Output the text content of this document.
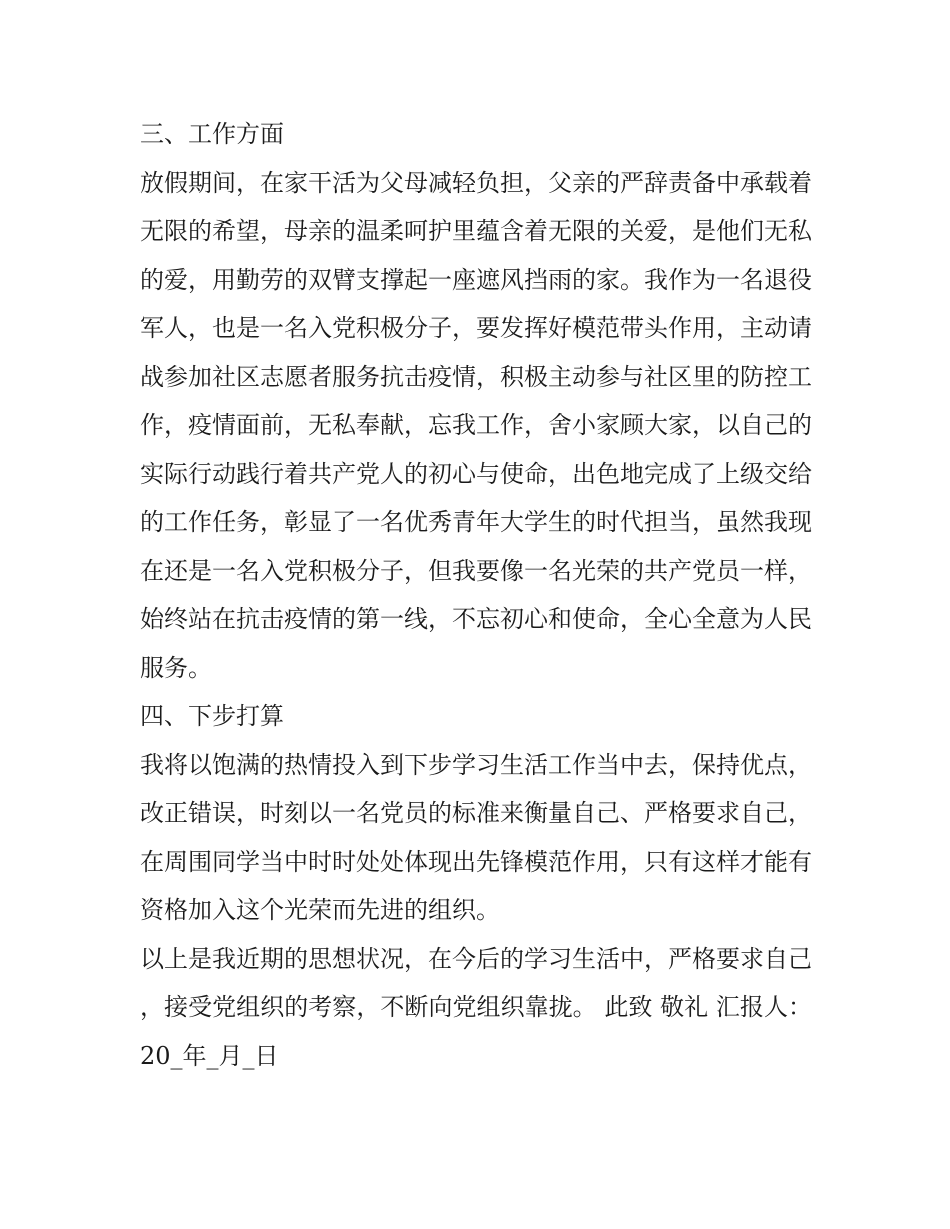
三、工作方面

放假期间，在家干活为父母减轻负担，父亲的严辞责备中承载着无限的希望，母亲的温柔呵护里蕴含着无限的关爱，是他们无私的爱，用勤劳的双臂支撑起一座遮风挡雨的家。我作为一名退役军人，也是一名入党积极分子，要发挥好模范带头作用，主动请战参加社区志愿者服务抗击疫情，积极主动参与社区里的防控工作，疫情面前，无私奉献，忘我工作，舍小家顾大家，以自己的实际行动践行着共产党人的初心与使命，出色地完成了上级交给的工作任务，彰显了一名优秀青年大学生的时代担当，虽然我现在还是一名入党积极分子，但我要像一名光荣的共产党员一样，始终站在抗击疫情的第一线，不忘初心和使命，全心全意为人民服务。

四、下步打算

我将以饱满的热情投入到下步学习生活工作当中去，保持优点，改正错误，时刻以一名党员的标准来衡量自己、严格要求自己，在周围同学当中时时处处体现出先锋模范作用，只有这样才能有资格加入这个光荣而先进的组织。

以上是我近期的思想状况，在今后的学习生活中，严格要求自己，接受党组织的考察，不断向党组织靠拢。 此致 敬礼 汇报人： 20_年_月_日
